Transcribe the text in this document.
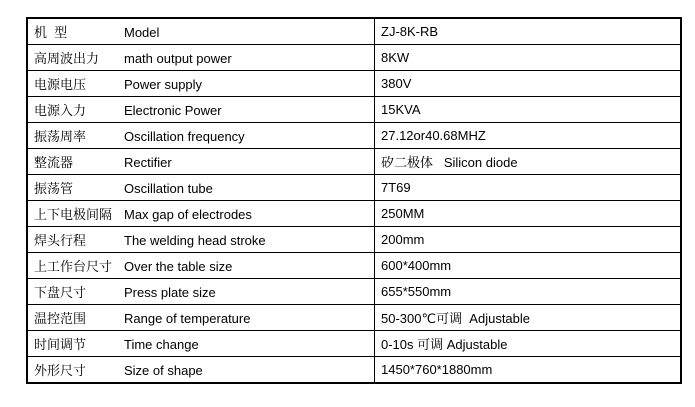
机  型 Model	ZJ-8K-RB
高周波出力 math output power	8KW
电源电压 Power supply	380V
电源入力 Electronic Power	15KVA
振荡周率 Oscillation frequency	27.12or40.68MHZ
整流器 Rectifier	矽二极体   Silicon diode
振荡管 Oscillation tube	7T69
上下电极间隔 Max gap of electrodes	250MM
焊头行程 The welding head stroke	200mm
上工作台尺寸 Over the table size	600*400mm
下盘尺寸 Press plate size	655*550mm
温控范围 Range of temperature	50-300℃可调  Adjustable
时间调节 Time change	0-10s 可调 Adjustable
外形尺寸 Size of shape	1450*760*1880mm
